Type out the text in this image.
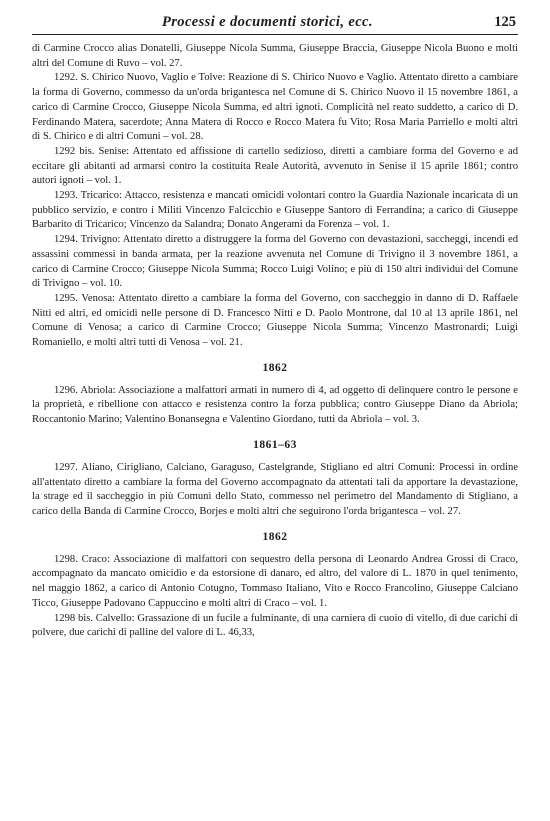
Processi e documenti storici, ecc.	125

di Carmine Crocco alias Donatelli, Giuseppe Nicola Summa, Giuseppe Braccia, Giuseppe Nicola Buono e molti altri del Comune di Ruvo – vol. 27.

1292. S. Chirico Nuovo, Vaglio e Tolve: Reazione di S. Chirico Nuovo e Vaglio. Attentato diretto a cambiare la forma di Governo, commesso da un'orda brigantesca nel Comune di S. Chirico Nuovo il 15 novembre 1861, a carico di Carmine Crocco, Giuseppe Nicola Summa, ed altri ignoti. Complicità nel reato suddetto, a carico di D. Ferdinando Matera, sacerdote; Anna Matera di Rocco e Rocco Matera fu Vito; Rosa Maria Parriello e molti altri di S. Chirico e di altri Comuni – vol. 28.

1292 bis. Senise: Attentato ed affissione di cartello sedizioso, diretti a cambiare forma del Governo e ad eccitare gli abitanti ad armarsi contro la costituita Reale Autorità, avvenuto in Senise il 15 aprile 1861; contro autori ignoti – vol. 1.

1293. Tricarico: Attacco, resistenza e mancati omicidi volontari contro la Guardia Nazionale incaricata di un pubblico servizio, e contro i Militi Vincenzo Falcicchio e Giuseppe Santoro di Ferrandina; a carico di Giuseppe Barbarito di Tricarico; Vincenzo da Salandra; Donato Angerami da Forenza – vol. 1.

1294. Trivigno: Attentato diretto a distruggere la forma del Governo con devastazioni, saccheggi, incendi ed assassini commessi in banda armata, per la reazione avvenuta nel Comune di Trivigno il 3 novembre 1861, a carico di Carmine Crocco; Giuseppe Nicola Summa; Rocco Luigi Volino; e più di 150 altri individui del Comune di Trivigno – vol. 10.

1295. Venosa: Attentato diretto a cambiare la forma del Governo, con saccheggio in danno di D. Raffaele Nitti ed altri, ed omicidi nelle persone di D. Francesco Nitti e D. Paolo Montrone, dal 10 al 13 aprile 1861, nel Comune di Venosa; a carico di Carmine Crocco; Giuseppe Nicola Summa; Vincenzo Mastronardi; Luigi Romaniello, e molti altri tutti di Venosa – vol. 21.

1862

1296. Abriola: Associazione a malfattori armati in numero di 4, ad oggetto di delinquere contro le persone e la proprietà, e ribellione con attacco e resistenza contro la forza pubblica; contro Giuseppe Diano da Abriola; Roccantonio Marino; Valentino Bonansegna e Valentino Giordano, tutti da Abriola – vol. 3.

1861–63

1297. Aliano, Cirigliano, Calciano, Garaguso, Castelgrande, Stigliano ed altri Comuni: Processi in ordine all'attentato diretto a cambiare la forma del Governo accompagnato da attentati tali da apportare la devastazione, la strage ed il saccheggio in più Comuni dello Stato, commesso nel perimetro del Mandamento di Stigliano, a carico della Banda di Carmine Crocco, Borjes e molti altri che seguirono l'orda brigantesca – vol. 27.

1862

1298. Craco: Associazione di malfattori con sequestro della persona di Leonardo Andrea Grossi di Craco, accompagnato da mancato omicidio e da estorsione di danaro, ed altro, del valore di L. 1870 in quel tenimento, nel maggio 1862, a carico di Antonio Cotugno, Tommaso Italiano, Vito e Rocco Francolino, Giuseppe Calciano Ticco, Giuseppe Padovano Cappuccino e molti altri di Craco – vol. 1.

1298 bis. Calvello: Grassazione di un fucile a fulminante, di una carniera di cuoio di vitello, di due carichi di polvere, due carichi di palline del valore di L. 46,33,
